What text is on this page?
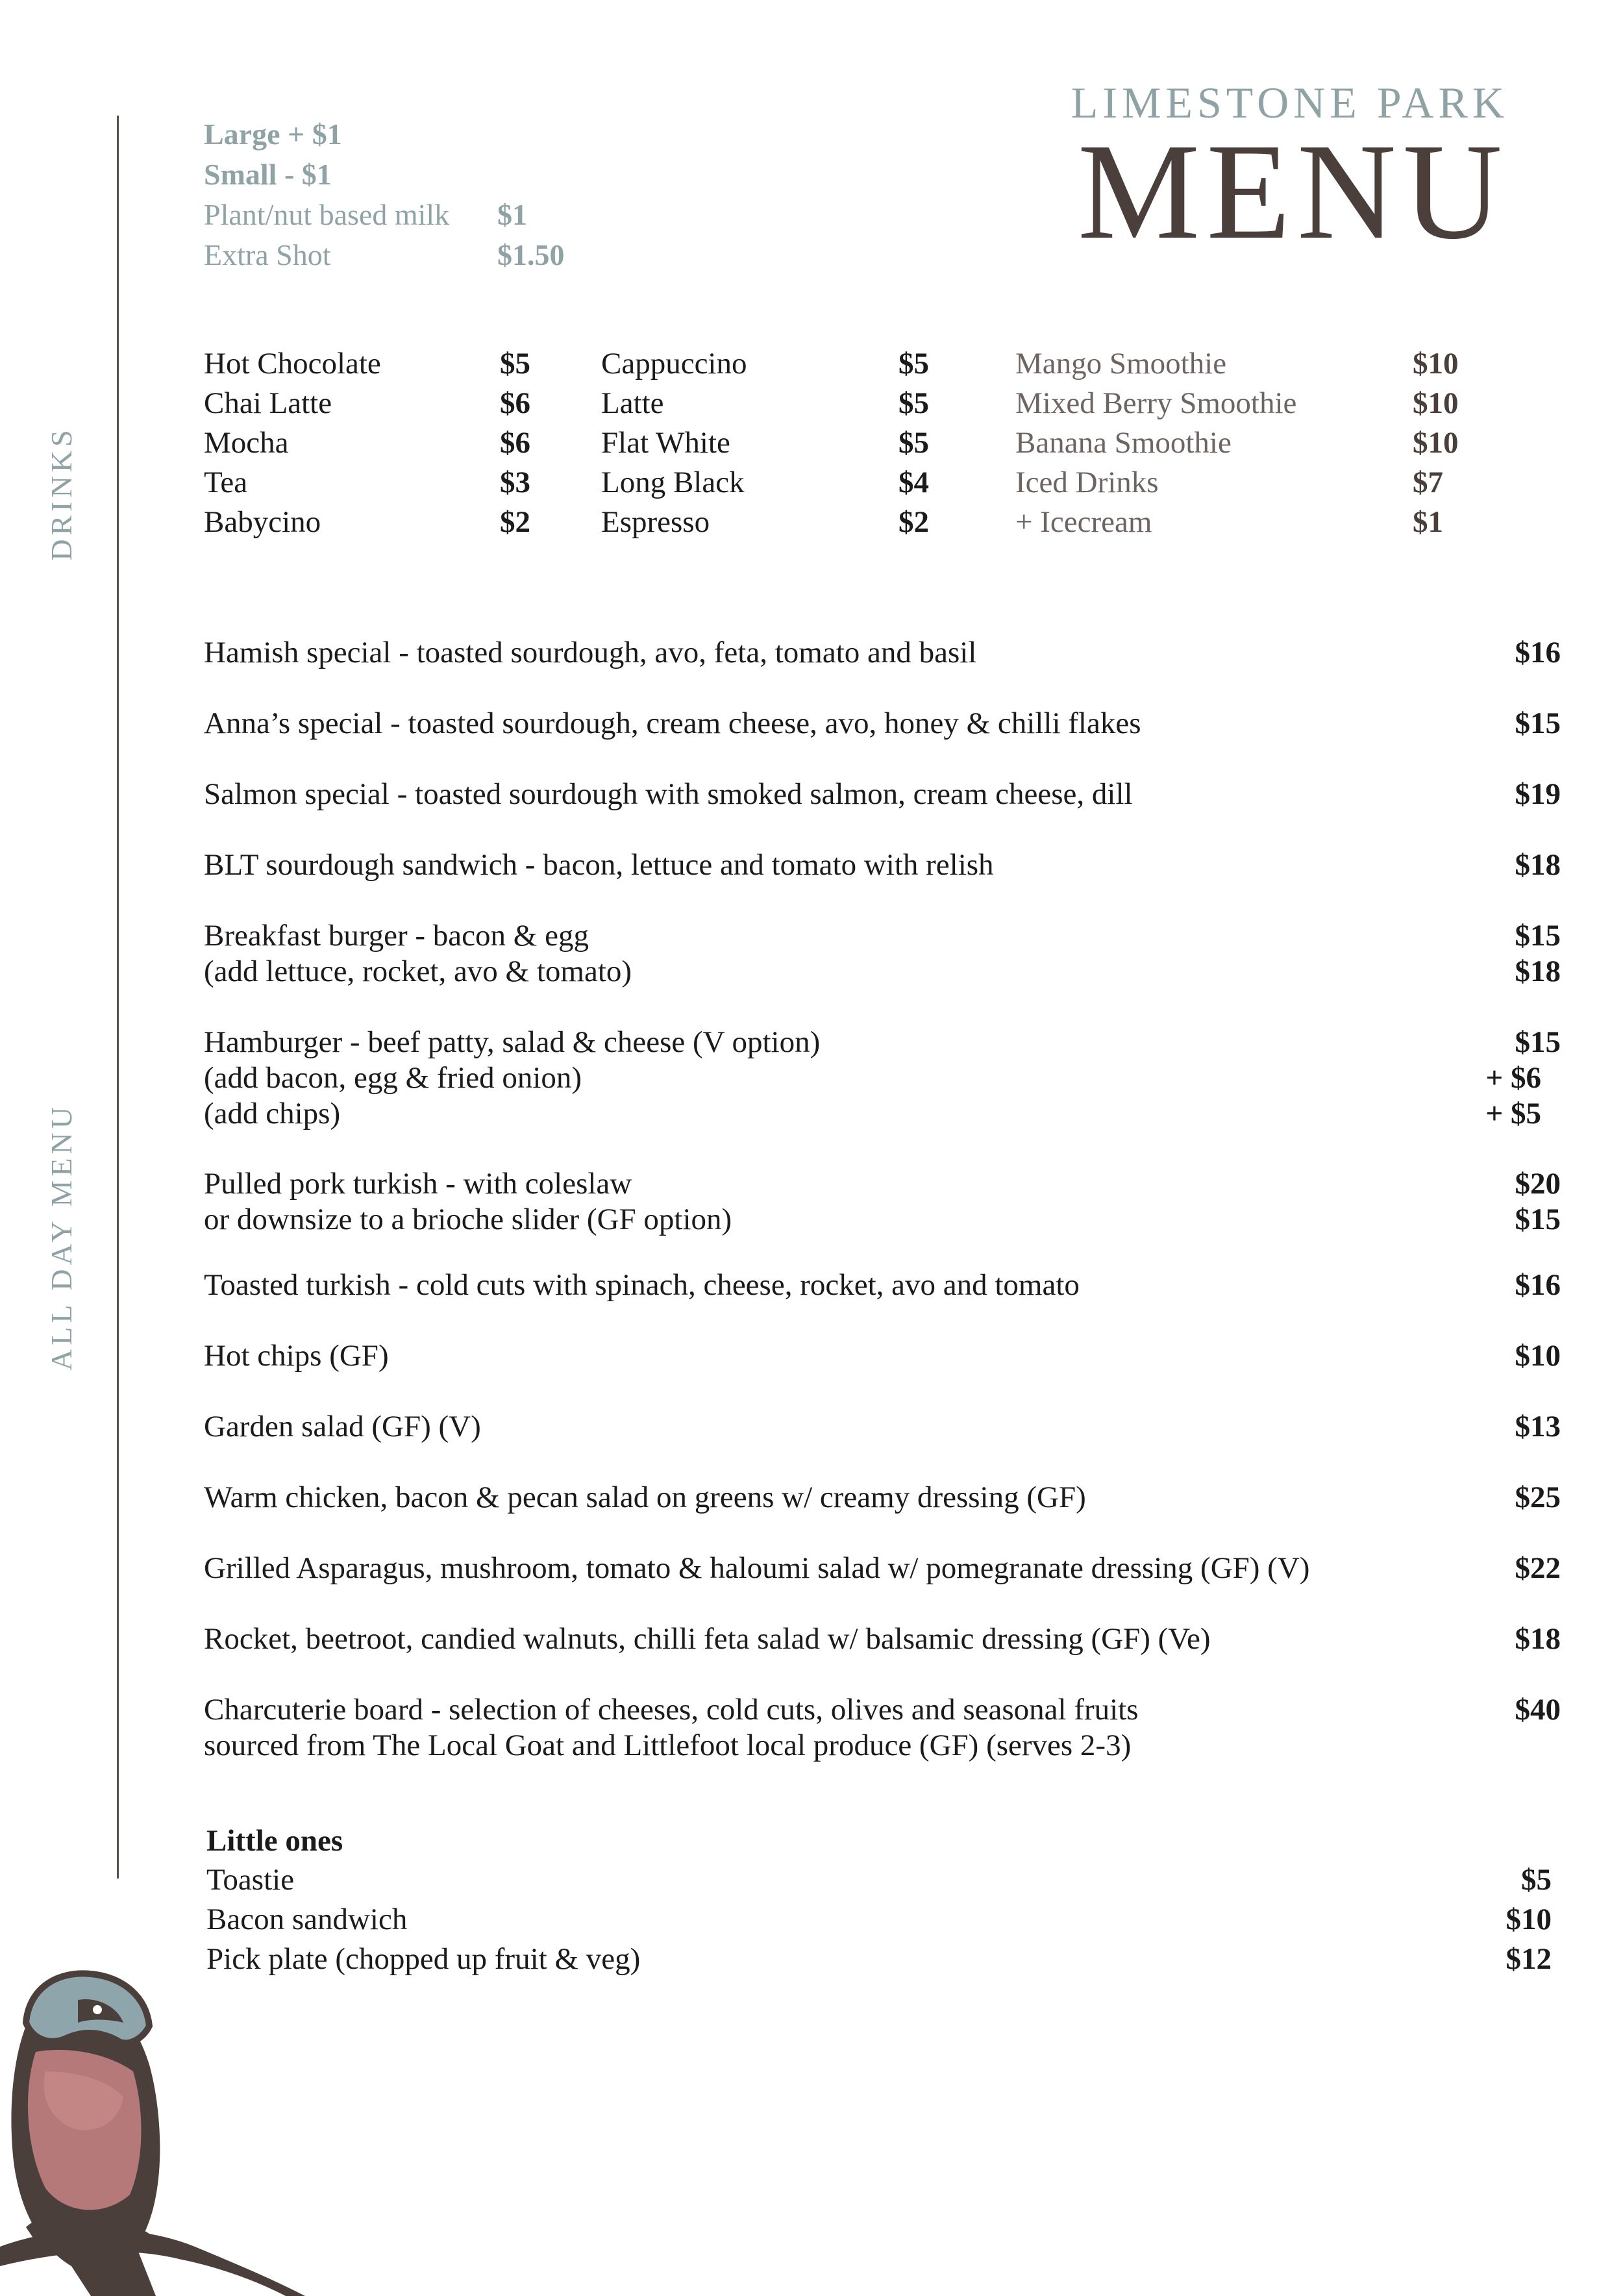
LIMESTONE PARK
MENU
DRINKS
ALL DAY MENU
Large + $1
Small - $1
Plant/nut based milk $1
Extra Shot	$1.50
Hot Chocolate	$5
Chai Latte	$6
Mocha	$6
Tea	$3
Babycino	$2
Cappuccino	$5
Latte	$5
Flat White	$5
Long Black	$4
Espresso	$2
Mango Smoothie	$10
Mixed Berry Smoothie	$10
Banana Smoothie	$10
Iced Drinks	$7
+ Icecream	$1
Hamish special - toasted sourdough, avo, feta, tomato and basil	$16
Anna’s special - toasted sourdough, cream cheese, avo, honey & chilli flakes	$15
Salmon special - toasted sourdough with smoked salmon, cream cheese, dill	$19
BLT sourdough sandwich - bacon, lettuce and tomato with relish	$18
Breakfast burger - bacon & egg	$15
(add lettuce, rocket, avo & tomato)	$18
Hamburger - beef patty, salad & cheese (V option)	$15
(add bacon, egg & fried onion)	+ $6
(add chips)	+ $5
Pulled pork turkish - with coleslaw	$20
or downsize to a brioche slider (GF option)	$15
Toasted turkish - cold cuts with spinach, cheese, rocket, avo and tomato	$16
Hot chips (GF)	$10
Garden salad (GF) (V)	$13
Warm chicken, bacon & pecan salad on greens w/ creamy dressing (GF)	$25
Grilled Asparagus, mushroom, tomato & haloumi salad w/ pomegranate dressing (GF) (V)	$22
Rocket, beetroot, candied walnuts, chilli feta salad w/ balsamic dressing (GF) (Ve)	$18
Charcuterie board - selection of cheeses, cold cuts, olives and seasonal fruits	$40
sourced from The Local Goat and Littlefoot local produce (GF) (serves 2-3)
Little ones
Toastie	$5
Bacon sandwich	$10
Pick plate (chopped up fruit & veg)	$12
